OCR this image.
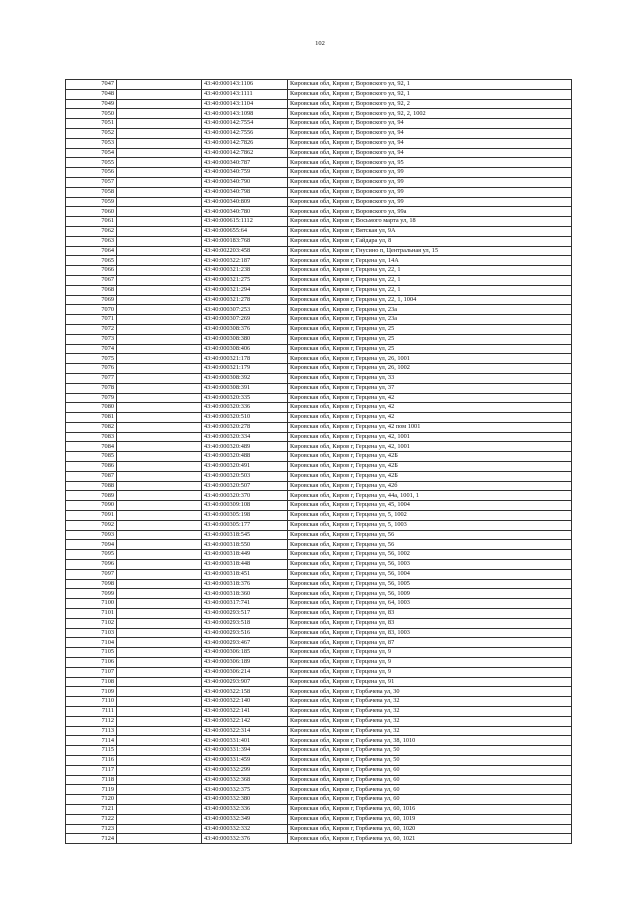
102
7047		43:40:000143:1106	Кировская обл, Киров г, Воровского ул, 92, 1
7048		43:40:000143:1111	Кировская обл, Киров г, Воровского ул, 92, 1
7049		43:40:000143:1104	Кировская обл, Киров г, Воровского ул, 92, 2
7050		43:40:000143:1098	Кировская обл, Киров г, Воровского ул, 92, 2, 1002
7051		43:40:000142:7554	Кировская обл, Киров г, Воровского ул, 94
7052		43:40:000142:7556	Кировская обл, Киров г, Воровского ул, 94
7053		43:40:000142:7826	Кировская обл, Киров г, Воровского ул, 94
7054		43:40:000142:7862	Кировская обл, Киров г, Воровского ул, 94
7055		43:40:000340:787	Кировская обл, Киров г, Воровского ул, 95
7056		43:40:000340:759	Кировская обл, Киров г, Воровского ул, 99
7057		43:40:000340:790	Кировская обл, Киров г, Воровского ул, 99
7058		43:40:000340:798	Кировская обл, Киров г, Воровского ул, 99
7059		43:40:000340:809	Кировская обл, Киров г, Воровского ул, 99
7060		43:40:000340:780	Кировская обл, Киров г, Воровского ул, 99а
7061		43:40:000615:1112	Кировская обл, Киров г, Восьмого марта ул, 18
7062		43:40:000655:64	Кировская обл, Киров г, Вятская ул, 9А
7063		43:40:000183:768	Кировская обл, Киров г, Гайдара ул, 8
7064		43:40:002203:458	Кировская обл, Киров г, Гнусино п, Центральная ул, 15
7065		43:40:000322:187	Кировская обл, Киров г, Герцена ул, 14А
7066		43:40:000321:238	Кировская обл, Киров г, Герцена ул, 22, 1
7067		43:40:000321:275	Кировская обл, Киров г, Герцена ул, 22, 1
7068		43:40:000321:294	Кировская обл, Киров г, Герцена ул, 22, 1
7069		43:40:000321:278	Кировская обл, Киров г, Герцена ул, 22, 1, 1004
7070		43:40:000307:253	Кировская обл, Киров г, Герцена ул, 23а
7071		43:40:000307:269	Кировская обл, Киров г, Герцена ул, 23а
7072		43:40:000308:376	Кировская обл, Киров г, Герцена ул, 25
7073		43:40:000308:380	Кировская обл, Киров г, Герцена ул, 25
7074		43:40:000308:406	Кировская обл, Киров г, Герцена ул, 25
7075		43:40:000321:178	Кировская обл, Киров г, Герцена ул, 26, 1001
7076		43:40:000321:179	Кировская обл, Киров г, Герцена ул, 26, 1002
7077		43:40:000308:392	Кировская обл, Киров г, Герцена ул, 33
7078		43:40:000308:391	Кировская обл, Киров г, Герцена ул, 37
7079		43:40:000320:335	Кировская обл, Киров г, Герцена ул, 42
7080		43:40:000320:336	Кировская обл, Киров г, Герцена ул, 42
7081		43:40:000320:510	Кировская обл, Киров г, Герцена ул, 42
7082		43:40:000320:278	Кировская обл, Киров г, Герцена ул, 42 пом 1001
7083		43:40:000320:334	Кировская обл, Киров г, Герцена ул, 42, 1001
7084		43:40:000320:489	Кировская обл, Киров г, Герцена ул, 42, 1001
7085		43:40:000320:488	Кировская обл, Киров г, Герцена ул, 42Б
7086		43:40:000320:491	Кировская обл, Киров г, Герцена ул, 42Б
7087		43:40:000320:503	Кировская обл, Киров г, Герцена ул, 42Б
7088		43:40:000320:507	Кировская обл, Киров г, Герцена ул, 42б
7089		43:40:000320:370	Кировская обл, Киров г, Герцена ул, 44а, 1001, 1
7090		43:40:000309:108	Кировская обл, Киров г, Герцена ул, 45, 1004
7091		43:40:000305:198	Кировская обл, Киров г, Герцена ул, 5, 1002
7092		43:40:000305:177	Кировская обл, Киров г, Герцена ул, 5, 1003
7093		43:40:000318:545	Кировская обл, Киров г, Герцена ул, 56
7094		43:40:000318:550	Кировская обл, Киров г, Герцена ул, 56
7095		43:40:000318:449	Кировская обл, Киров г, Герцена ул, 56, 1002
7096		43:40:000318:448	Кировская обл, Киров г, Герцена ул, 56, 1003
7097		43:40:000318:451	Кировская обл, Киров г, Герцена ул, 56, 1004
7098		43:40:000318:376	Кировская обл, Киров г, Герцена ул, 56, 1005
7099		43:40:000318:360	Кировская обл, Киров г, Герцена ул, 56, 1009
7100		43:40:000317:741	Кировская обл, Киров г, Герцена ул, 64, 1003
7101		43:40:000293:517	Кировская обл, Киров г, Герцена ул, 83
7102		43:40:000293:518	Кировская обл, Киров г, Герцена ул, 83
7103		43:40:000293:516	Кировская обл, Киров г, Герцена ул, 83, 1003
7104		43:40:000293:467	Кировская обл, Киров г, Герцена ул, 87
7105		43:40:000306:185	Кировская обл, Киров г, Герцена ул, 9
7106		43:40:000306:189	Кировская обл, Киров г, Герцена ул, 9
7107		43:40:000306:214	Кировская обл, Киров г, Герцена ул, 9
7108		43:40:000293:907	Кировская обл, Киров г, Герцена ул, 91
7109		43:40:000322:158	Кировская обл, Киров г, Горбачева ул, 30
7110		43:40:000322:140	Кировская обл, Киров г, Горбачева ул, 32
7111		43:40:000322:141	Кировская обл, Киров г, Горбачева ул, 32
7112		43:40:000322:142	Кировская обл, Киров г, Горбачева ул, 32
7113		43:40:000322:314	Кировская обл, Киров г, Горбачева ул, 32
7114		43:40:000331:401	Кировская обл, Киров г, Горбачева ул, 38, 1010
7115		43:40:000331:394	Кировская обл, Киров г, Горбачева ул, 50
7116		43:40:000331:459	Кировская обл, Киров г, Горбачева ул, 50
7117		43:40:000332:299	Кировская обл, Киров г, Горбачева ул, 60
7118		43:40:000332:368	Кировская обл, Киров г, Горбачева ул, 60
7119		43:40:000332:375	Кировская обл, Киров г, Горбачева ул, 60
7120		43:40:000332:380	Кировская обл, Киров г, Горбачева ул, 60
7121		43:40:000332:336	Кировская обл, Киров г, Горбачева ул, 60, 1016
7122		43:40:000332:349	Кировская обл, Киров г, Горбачева ул, 60, 1019
7123		43:40:000332:332	Кировская обл, Киров г, Горбачева ул, 60, 1020
7124		43:40:000332:376	Кировская обл, Киров г, Горбачева ул, 60, 1021
